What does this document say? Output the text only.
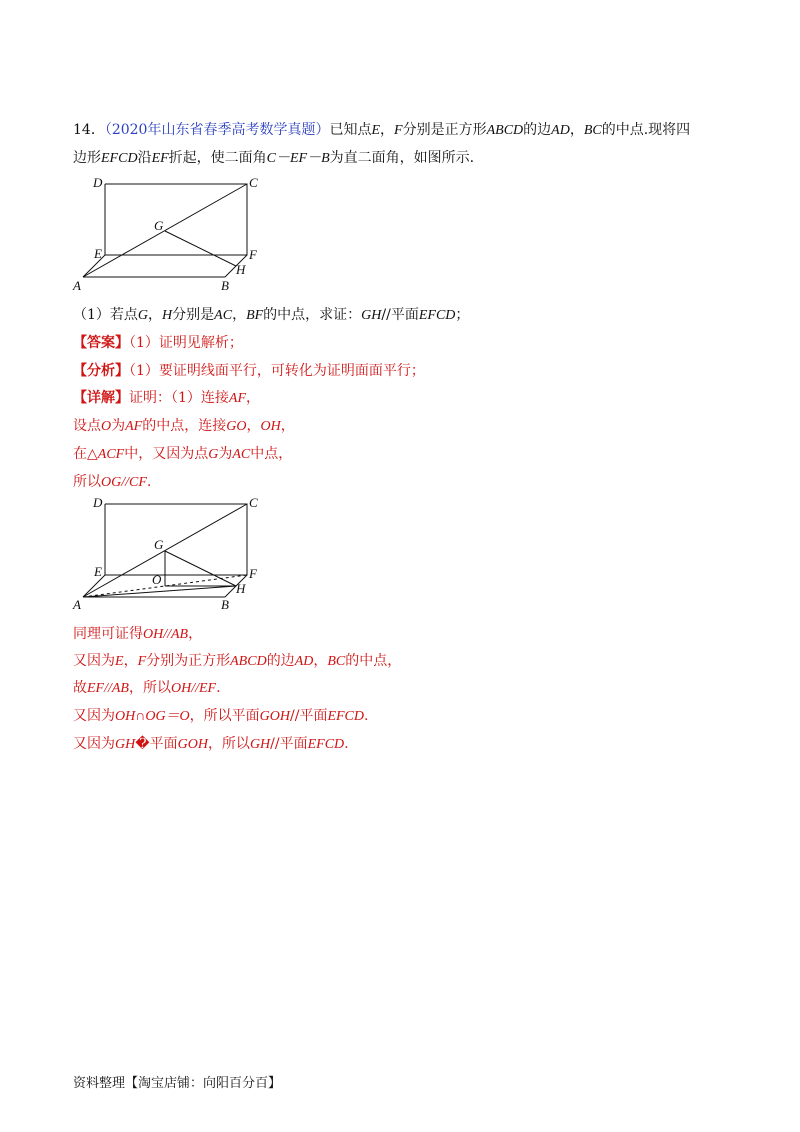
14．（2020年山东省春季高考数学真题）已知点E，F分别是正方形ABCD的边AD，BC的中点.现将四
边形EFCD沿EF折起，使二面角C－EF－B为直二面角，如图所示.
D	C
G
E	F
H
A	B
（1）若点G，H分别是AC，BF的中点，求证：GH//平面EFCD；
【答案】（1）证明见解析；
【分析】（1）要证明线面平行，可转化为证明面面平行；
【详解】证明：（1）连接AF，
设点O为AF的中点，连接GO，OH，
在△ACF中，又因为点G为AC中点，
所以OG//CF.
D	C
G
E	F
O
H
A	B
同理可证得OH//AB，
又因为E，F分别为正方形ABCD的边AD，BC的中点，
故EF//AB，所以OH//EF.
又因为OH∩OG＝O，所以平面GOH//平面EFCD.
又因为GH�平面GOH，所以GH//平面EFCD.
资料整理【淘宝店铺：向阳百分百】
